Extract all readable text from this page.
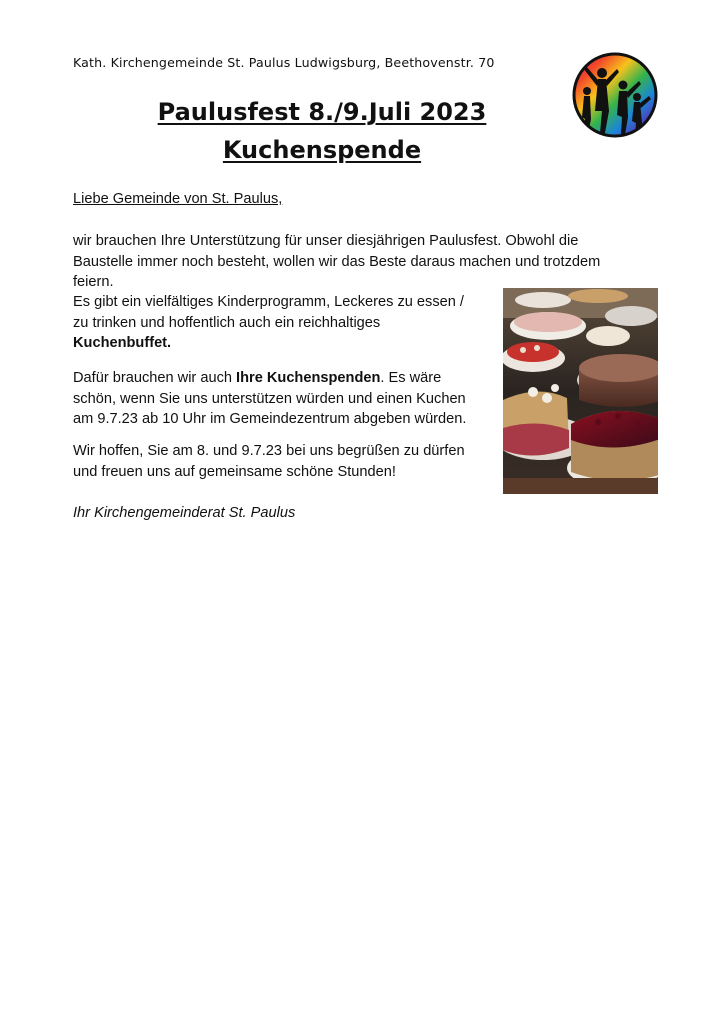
Kath. Kirchengemeinde St. Paulus Ludwigsburg, Beethovenstr. 70
Paulusfest 8./9.Juli 2023
Kuchenspende
Liebe Gemeinde von St. Paulus,
wir brauchen Ihre Unterstützung für unser diesjährigen Paulusfest. Obwohl die
Baustelle immer noch besteht, wollen wir das Beste daraus machen und trotzdem
feiern.
Es gibt ein vielfältiges Kinderprogramm, Leckeres zu essen /
zu trinken und hoffentlich auch ein reichhaltiges
Kuchenbuffet.
Dafür brauchen wir auch Ihre Kuchenspenden. Es wäre
schön, wenn Sie uns unterstützen würden und einen Kuchen
am 9.7.23 ab 10 Uhr im Gemeindezentrum abgeben würden.
Wir hoffen, Sie am 8. und 9.7.23 bei uns begrüßen zu dürfen
und freuen uns auf gemeinsame schöne Stunden!
Ihr Kirchengemeinderat St. Paulus
